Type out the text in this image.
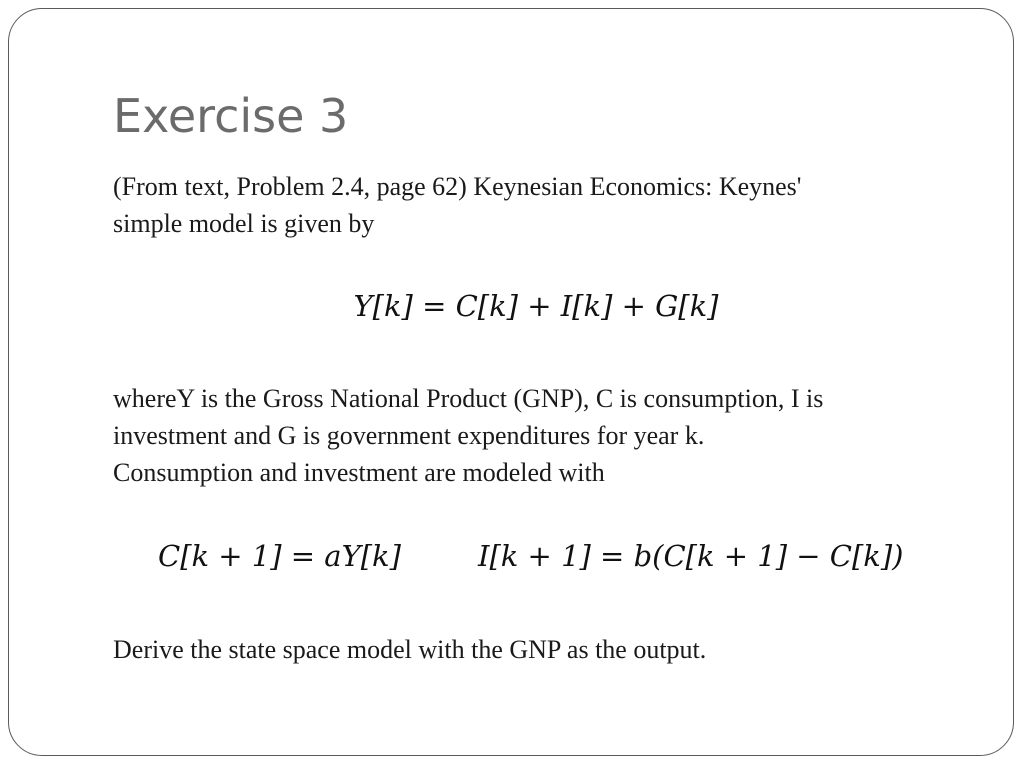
Exercise 3

(From text, Problem 2.4, page 62) Keynesian Economics: Keynes'
simple model is given by

Y[k] = C[k] + I[k] + G[k]

whereY is the Gross National Product (GNP), C is consumption, I is
investment and G is government expenditures for year k.
Consumption and investment are modeled with

C[k + 1] = aY[k]	I[k + 1] = b(C[k + 1] − C[k])

Derive the state space model with the GNP as the output.
